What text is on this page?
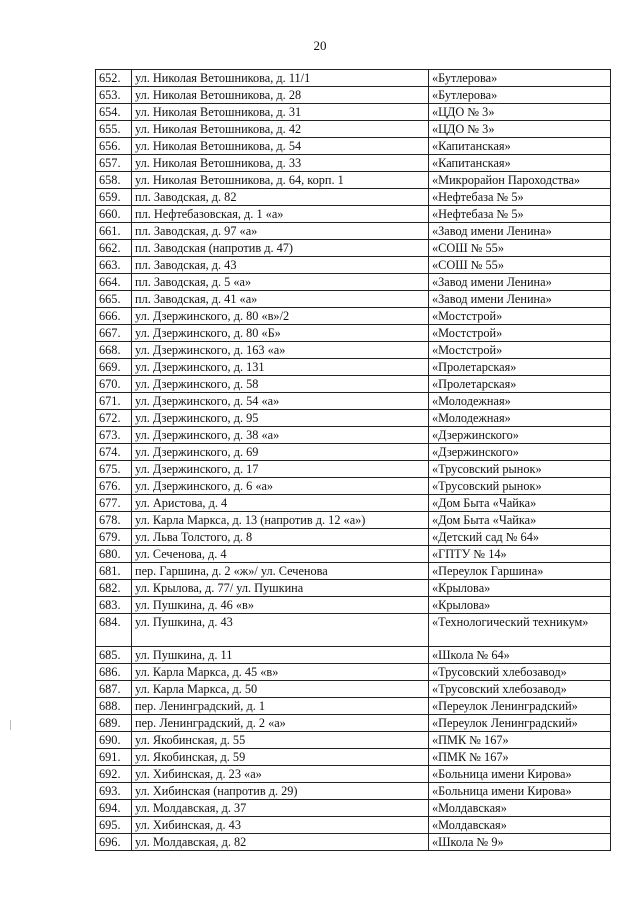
20
652.	ул. Николая Ветошникова, д. 11/1	«Бутлерова»
653.	ул. Николая Ветошникова, д. 28	«Бутлерова»
654.	ул. Николая Ветошникова, д. 31	«ЦДО № 3»
655.	ул. Николая Ветошникова, д. 42	«ЦДО № 3»
656.	ул. Николая Ветошникова, д. 54	«Капитанская»
657.	ул. Николая Ветошникова, д. 33	«Капитанская»
658.	ул. Николая Ветошникова, д. 64, корп. 1	«Микрорайон Пароходства»
659.	пл. Заводская, д. 82	«Нефтебаза № 5»
660.	пл. Нефтебазовская, д. 1 «а»	«Нефтебаза № 5»
661.	пл. Заводская, д. 97 «а»	«Завод имени Ленина»
662.	пл. Заводская (напротив д. 47)	«СОШ № 55»
663.	пл. Заводская, д. 43	«СОШ № 55»
664.	пл. Заводская, д. 5 «а»	«Завод имени Ленина»
665.	пл. Заводская, д. 41 «а»	«Завод имени Ленина»
666.	ул. Дзержинского, д. 80 «в»/2	«Мостстрой»
667.	ул. Дзержинского, д. 80 «Б»	«Мостстрой»
668.	ул. Дзержинского, д. 163 «а»	«Мостстрой»
669.	ул. Дзержинского, д. 131	«Пролетарская»
670.	ул. Дзержинского, д. 58	«Пролетарская»
671.	ул. Дзержинского, д. 54 «а»	«Молодежная»
672.	ул. Дзержинского, д. 95	«Молодежная»
673.	ул. Дзержинского, д. 38 «а»	«Дзержинского»
674.	ул. Дзержинского, д. 69	«Дзержинского»
675.	ул. Дзержинского, д. 17	«Трусовский рынок»
676.	ул. Дзержинского, д. 6 «а»	«Трусовский рынок»
677.	ул. Аристова, д. 4	«Дом Быта «Чайка»
678.	ул. Карла Маркса, д. 13 (напротив д. 12 «а»)	«Дом Быта «Чайка»
679.	ул. Льва Толстого, д. 8	«Детский сад № 64»
680.	ул. Сеченова, д. 4	«ГПТУ № 14»
681.	пер. Гаршина, д. 2 «ж»/ ул. Сеченова	«Переулок Гаршина»
682.	ул. Крылова, д. 77/ ул. Пушкина	«Крылова»
683.	ул. Пушкина, д. 46 «в»	«Крылова»
684.	ул. Пушкина, д. 43	«Технологический техникум»
685.	ул. Пушкина, д. 11	«Школа № 64»
686.	ул. Карла Маркса, д. 45 «в»	«Трусовский хлебозавод»
687.	ул. Карла Маркса, д. 50	«Трусовский хлебозавод»
688.	пер. Ленинградский, д. 1	«Переулок Ленинградский»
689.	пер. Ленинградский, д. 2 «а»	«Переулок Ленинградский»
690.	ул. Якобинская, д. 55	«ПМК № 167»
691.	ул. Якобинская, д. 59	«ПМК № 167»
692.	ул. Хибинская, д. 23 «а»	«Больница имени Кирова»
693.	ул. Хибинская (напротив д. 29)	«Больница имени Кирова»
694.	ул. Молдавская, д. 37	«Молдавская»
695.	ул. Хибинская, д. 43	«Молдавская»
696.	ул. Молдавская, д. 82	«Школа № 9»
